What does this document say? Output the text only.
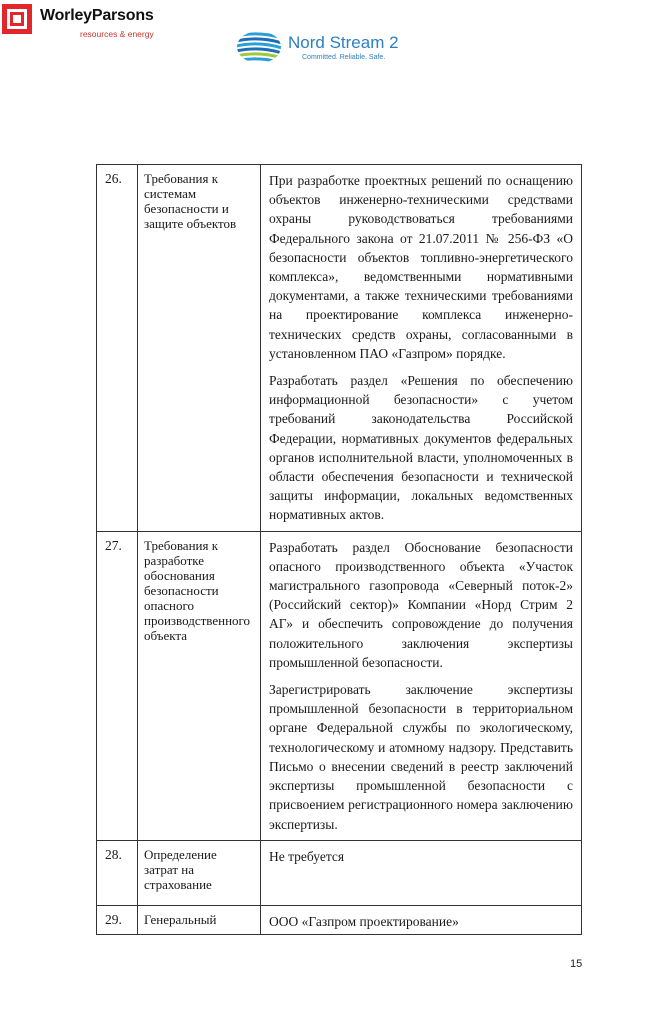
WorleyParsons
resources & energy	Nord Stream 2
Committed. Reliable. Safe.
26.	Требования к системам безопасности и защите объектов	При разработке проектных решений по оснащению объектов инженерно-техническими средствами охраны руководствоваться требованиями Федерального закона от 21.07.2011 № 256-ФЗ «О безопасности объектов топливно-энергетического комплекса», ведомственными нормативными документами, а также техническими требованиями на проектирование комплекса инженерно-технических средств охраны, согласованными в установленном ПАО «Газпром» порядке.
Разработать раздел «Решения по обеспечению информационной безопасности» с учетом требований законодательства Российской Федерации, нормативных документов федеральных органов исполнительной власти, уполномоченных в области обеспечения безопасности и технической защиты информации, локальных ведомственных нормативных актов.

27.	Требования к разработке обоснования безопасности опасного производственного объекта	Разработать раздел Обоснование безопасности опасного производственного объекта «Участок магистрального газопровода «Северный поток-2» (Российский сектор)» Компании «Норд Стрим 2 АГ» и обеспечить сопровождение до получения положительного заключения экспертизы промышленной безопасности.
Зарегистрировать заключение экспертизы промышленной безопасности в территориальном органе Федеральной службы по экологическому, технологическому и атомному надзору. Представить Письмо о внесении сведений в реестр заключений экспертизы промышленной безопасности с присвоением регистрационного номера заключению экспертизы.

28.	Определение затрат на страхование	Не требуется

29.	Генеральный	ООО «Газпром проектирование»
15
